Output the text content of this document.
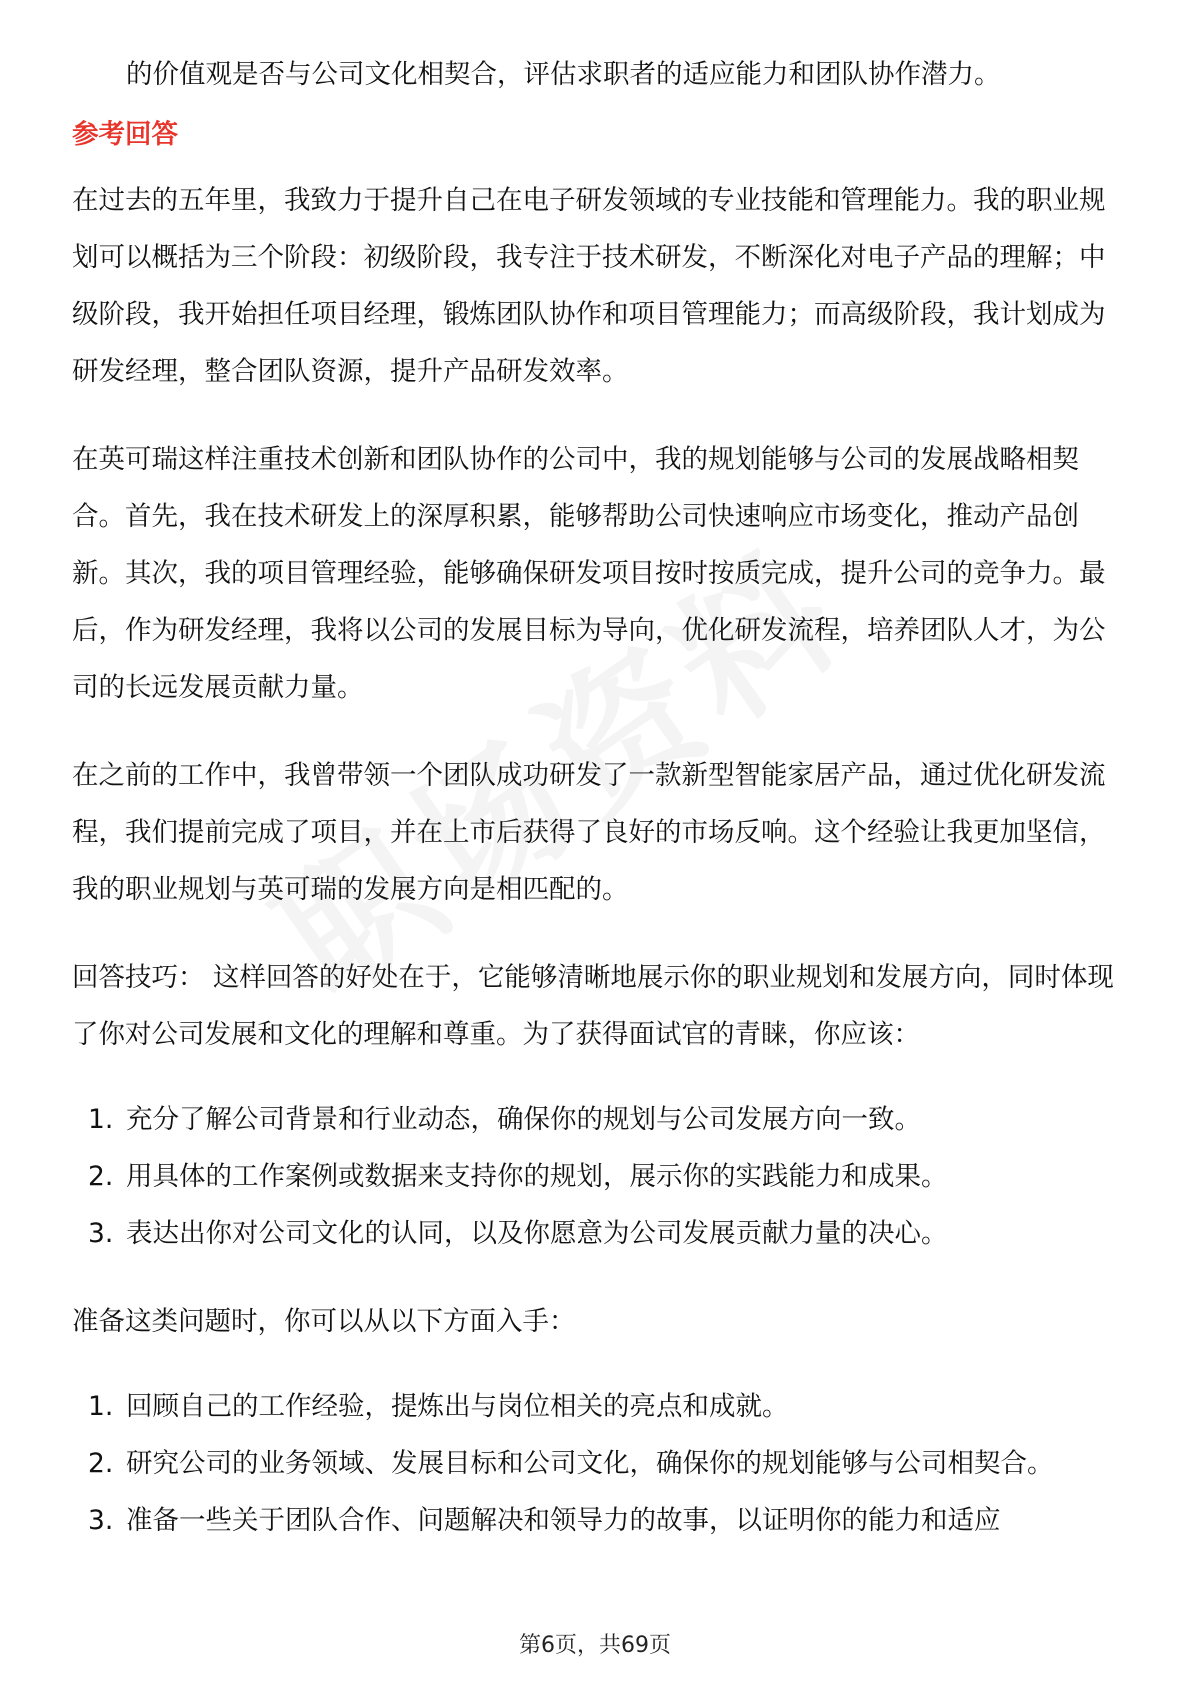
的价值观是否与公司文化相契合，评估求职者的适应能力和团队协作潜力。

参考回答

在过去的五年里，我致力于提升自己在电子研发领域的专业技能和管理能力。我的职业规划可以概括为三个阶段：初级阶段，我专注于技术研发，不断深化对电子产品的理解；中级阶段，我开始担任项目经理，锻炼团队协作和项目管理能力；而高级阶段，我计划成为研发经理，整合团队资源，提升产品研发效率。

在英可瑞这样注重技术创新和团队协作的公司中，我的规划能够与公司的发展战略相契合。首先，我在技术研发上的深厚积累，能够帮助公司快速响应市场变化，推动产品创新。其次，我的项目管理经验，能够确保研发项目按时按质完成，提升公司的竞争力。最后，作为研发经理，我将以公司的发展目标为导向，优化研发流程，培养团队人才，为公司的长远发展贡献力量。

在之前的工作中，我曾带领一个团队成功研发了一款新型智能家居产品，通过优化研发流程，我们提前完成了项目，并在上市后获得了良好的市场反响。这个经验让我更加坚信，我的职业规划与英可瑞的发展方向是相匹配的。

回答技巧： 这样回答的好处在于，它能够清晰地展示你的职业规划和发展方向，同时体现了你对公司发展和文化的理解和尊重。为了获得面试官的青睐，你应该：

1. 充分了解公司背景和行业动态，确保你的规划与公司发展方向一致。
2. 用具体的工作案例或数据来支持你的规划，展示你的实践能力和成果。
3. 表达出你对公司文化的认同，以及你愿意为公司发展贡献力量的决心。

准备这类问题时，你可以从以下方面入手：

1. 回顾自己的工作经验，提炼出与岗位相关的亮点和成就。
2. 研究公司的业务领域、发展目标和公司文化，确保你的规划能够与公司相契合。
3. 准备一些关于团队合作、问题解决和领导力的故事，以证明你的能力和适应
第6页，共69页
